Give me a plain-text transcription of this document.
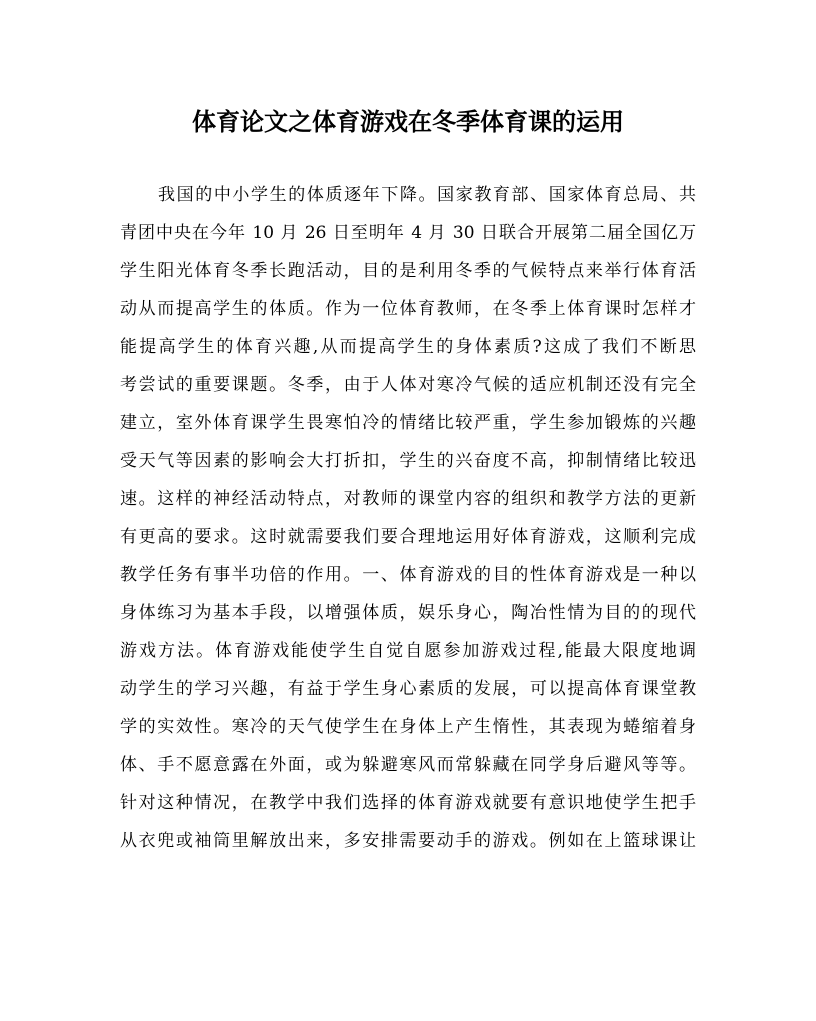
体育论文之体育游戏在冬季体育课的运用
我国的中小学生的体质逐年下降。国家教育部、国家体育总局、共
青团中央在今年 10 月 26 日至明年 4 月 30 日联合开展第二届全国亿万
学生阳光体育冬季长跑活动，目的是利用冬季的气候特点来举行体育活
动从而提高学生的体质。作为一位体育教师，在冬季上体育课时怎样才
能提高学生的体育兴趣,从而提高学生的身体素质?这成了我们不断思
考尝试的重要课题。冬季，由于人体对寒冷气候的适应机制还没有完全
建立，室外体育课学生畏寒怕冷的情绪比较严重，学生参加锻炼的兴趣
受天气等因素的影响会大打折扣，学生的兴奋度不高，抑制情绪比较迅
速。这样的神经活动特点，对教师的课堂内容的组织和教学方法的更新
有更高的要求。这时就需要我们要合理地运用好体育游戏，这顺利完成
教学任务有事半功倍的作用。一、体育游戏的目的性体育游戏是一种以
身体练习为基本手段，以增强体质，娱乐身心，陶冶性情为目的的现代
游戏方法。体育游戏能使学生自觉自愿参加游戏过程,能最大限度地调
动学生的学习兴趣，有益于学生身心素质的发展，可以提高体育课堂教
学的实效性。寒冷的天气使学生在身体上产生惰性，其表现为蜷缩着身
体、手不愿意露在外面，或为躲避寒风而常躲藏在同学身后避风等等。
针对这种情况，在教学中我们选择的体育游戏就要有意识地使学生把手
从衣兜或袖筒里解放出来，多安排需要动手的游戏。例如在上篮球课让
